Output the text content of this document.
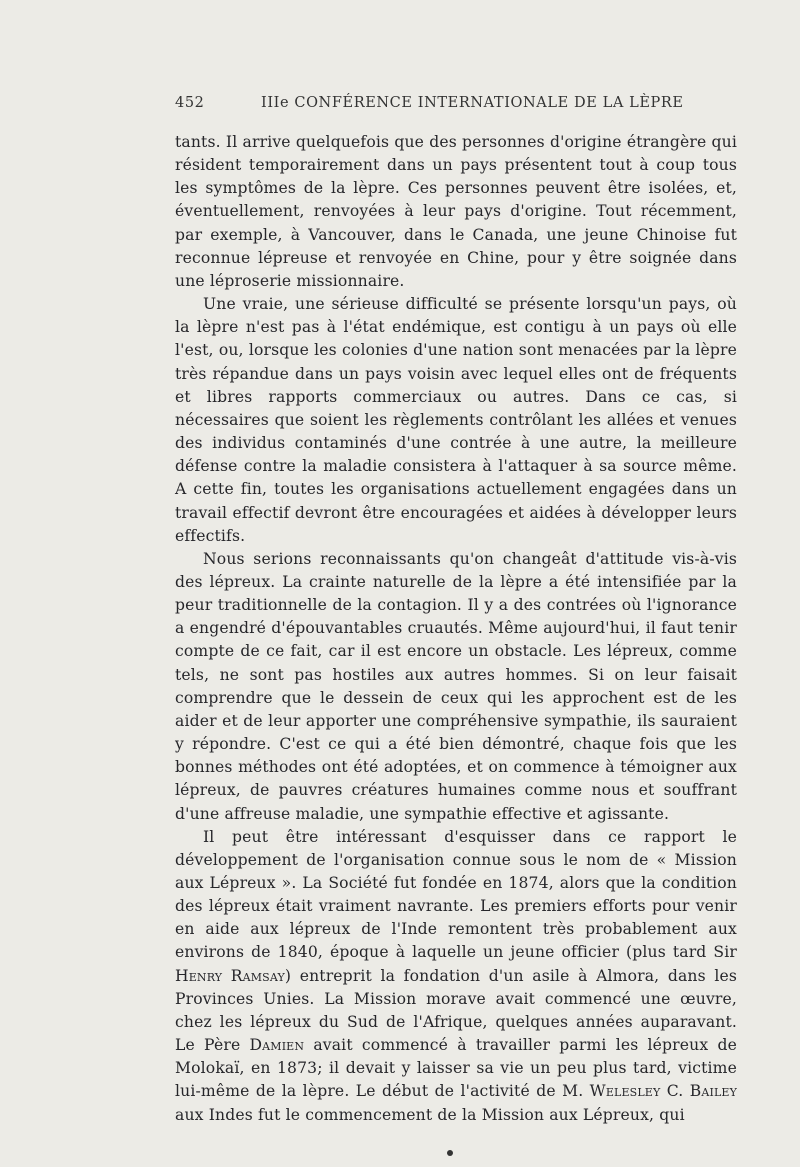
452	IIIe CONFÉRENCE INTERNATIONALE DE LA LÈPRE

tants. Il arrive quelquefois que des personnes d'origine étrangère qui résident temporairement dans un pays présentent tout à coup tous les symptômes de la lèpre. Ces personnes peuvent être isolées, et, éventuellement, renvoyées à leur pays d'origine. Tout récemment, par exemple, à Vancouver, dans le Canada, une jeune Chinoise fut reconnue lépreuse et renvoyée en Chine, pour y être soignée dans une léproserie missionnaire.

Une vraie, une sérieuse difficulté se présente lorsqu'un pays, où la lèpre n'est pas à l'état endémique, est contigu à un pays où elle l'est, ou, lorsque les colonies d'une nation sont menacées par la lèpre très répandue dans un pays voisin avec lequel elles ont de fréquents et libres rapports commerciaux ou autres. Dans ce cas, si nécessaires que soient les règlements contrôlant les allées et venues des individus contaminés d'une contrée à une autre, la meilleure défense contre la maladie consistera à l'attaquer à sa source même. A cette fin, toutes les organisations actuellement engagées dans un travail effectif devront être encouragées et aidées à développer leurs effectifs.

Nous serions reconnaissants qu'on changeât d'attitude vis-à-vis des lépreux. La crainte naturelle de la lèpre a été intensifiée par la peur traditionnelle de la contagion. Il y a des contrées où l'ignorance a engendré d'épouvantables cruautés. Même aujourd'hui, il faut tenir compte de ce fait, car il est encore un obstacle. Les lépreux, comme tels, ne sont pas hostiles aux autres hommes. Si on leur faisait comprendre que le dessein de ceux qui les approchent est de les aider et de leur apporter une compréhensive sympathie, ils sauraient y répondre. C'est ce qui a été bien démontré, chaque fois que les bonnes méthodes ont été adoptées, et on commence à témoigner aux lépreux, de pauvres créatures humaines comme nous et souffrant d'une affreuse maladie, une sympathie effective et agissante.

Il peut être intéressant d'esquisser dans ce rapport le développement de l'organisation connue sous le nom de « Mission aux Lépreux ». La Société fut fondée en 1874, alors que la condition des lépreux était vraiment navrante. Les premiers efforts pour venir en aide aux lépreux de l'Inde remontent très probablement aux environs de 1840, époque à laquelle un jeune officier (plus tard Sir Henry Ramsay) entreprit la fondation d'un asile à Almora, dans les Provinces Unies. La Mission morave avait commencé une œuvre, chez les lépreux du Sud de l'Afrique, quelques années auparavant. Le Père Damien avait commencé à travailler parmi les lépreux de Molokaï, en 1873; il devait y laisser sa vie un peu plus tard, victime lui-même de la lèpre. Le début de l'activité de M. Welesley C. Bailey aux Indes fut le commencement de la Mission aux Lépreux, qui
